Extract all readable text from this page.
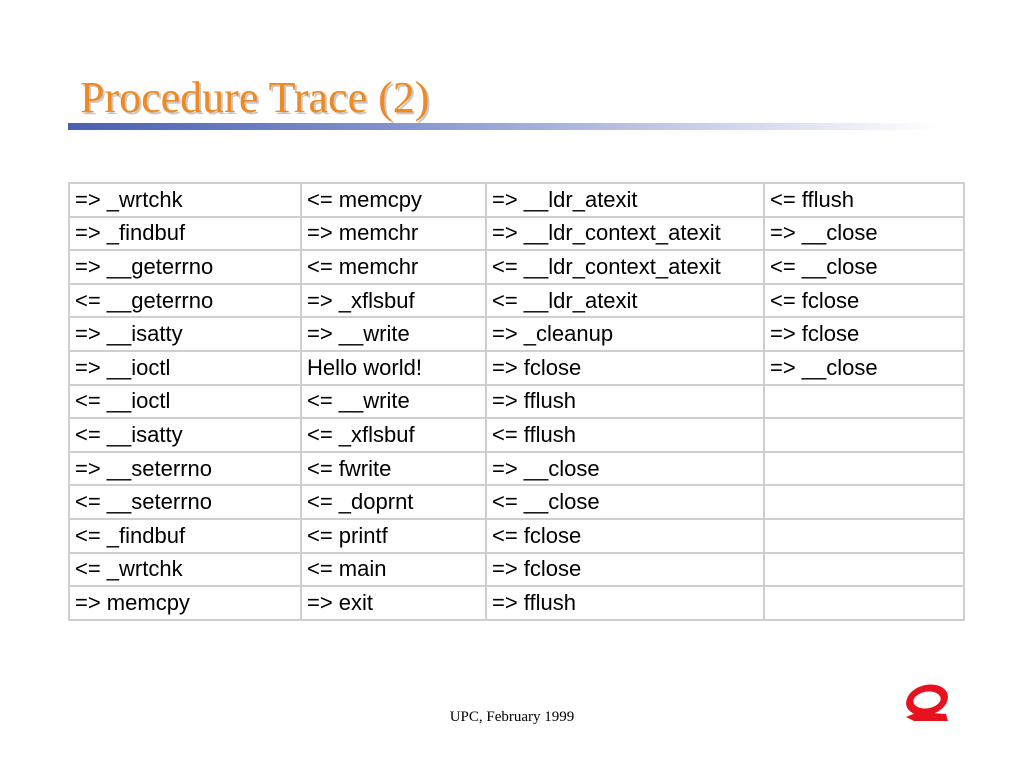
Procedure Trace (2)
=> _wrtchk	<= memcpy	=> __ldr_atexit	<= fflush
=> _findbuf	=> memchr	=> __ldr_context_atexit	=> __close
=> __geterrno	<= memchr	<= __ldr_context_atexit	<= __close
<= __geterrno	=> _xflsbuf	<= __ldr_atexit	<= fclose
=> __isatty	=> __write	=> _cleanup	=> fclose
=> __ioctl	Hello world!	=> fclose	=> __close
<= __ioctl	<= __write	=> fflush	
<= __isatty	<= _xflsbuf	<= fflush	
=> __seterrno	<= fwrite	=> __close	
<= __seterrno	<= _doprnt	<= __close	
<= _findbuf	<= printf	<= fclose	
<= _wrtchk	<= main	=> fclose	
=> memcpy	=> exit	=> fflush	
UPC, February 1999
